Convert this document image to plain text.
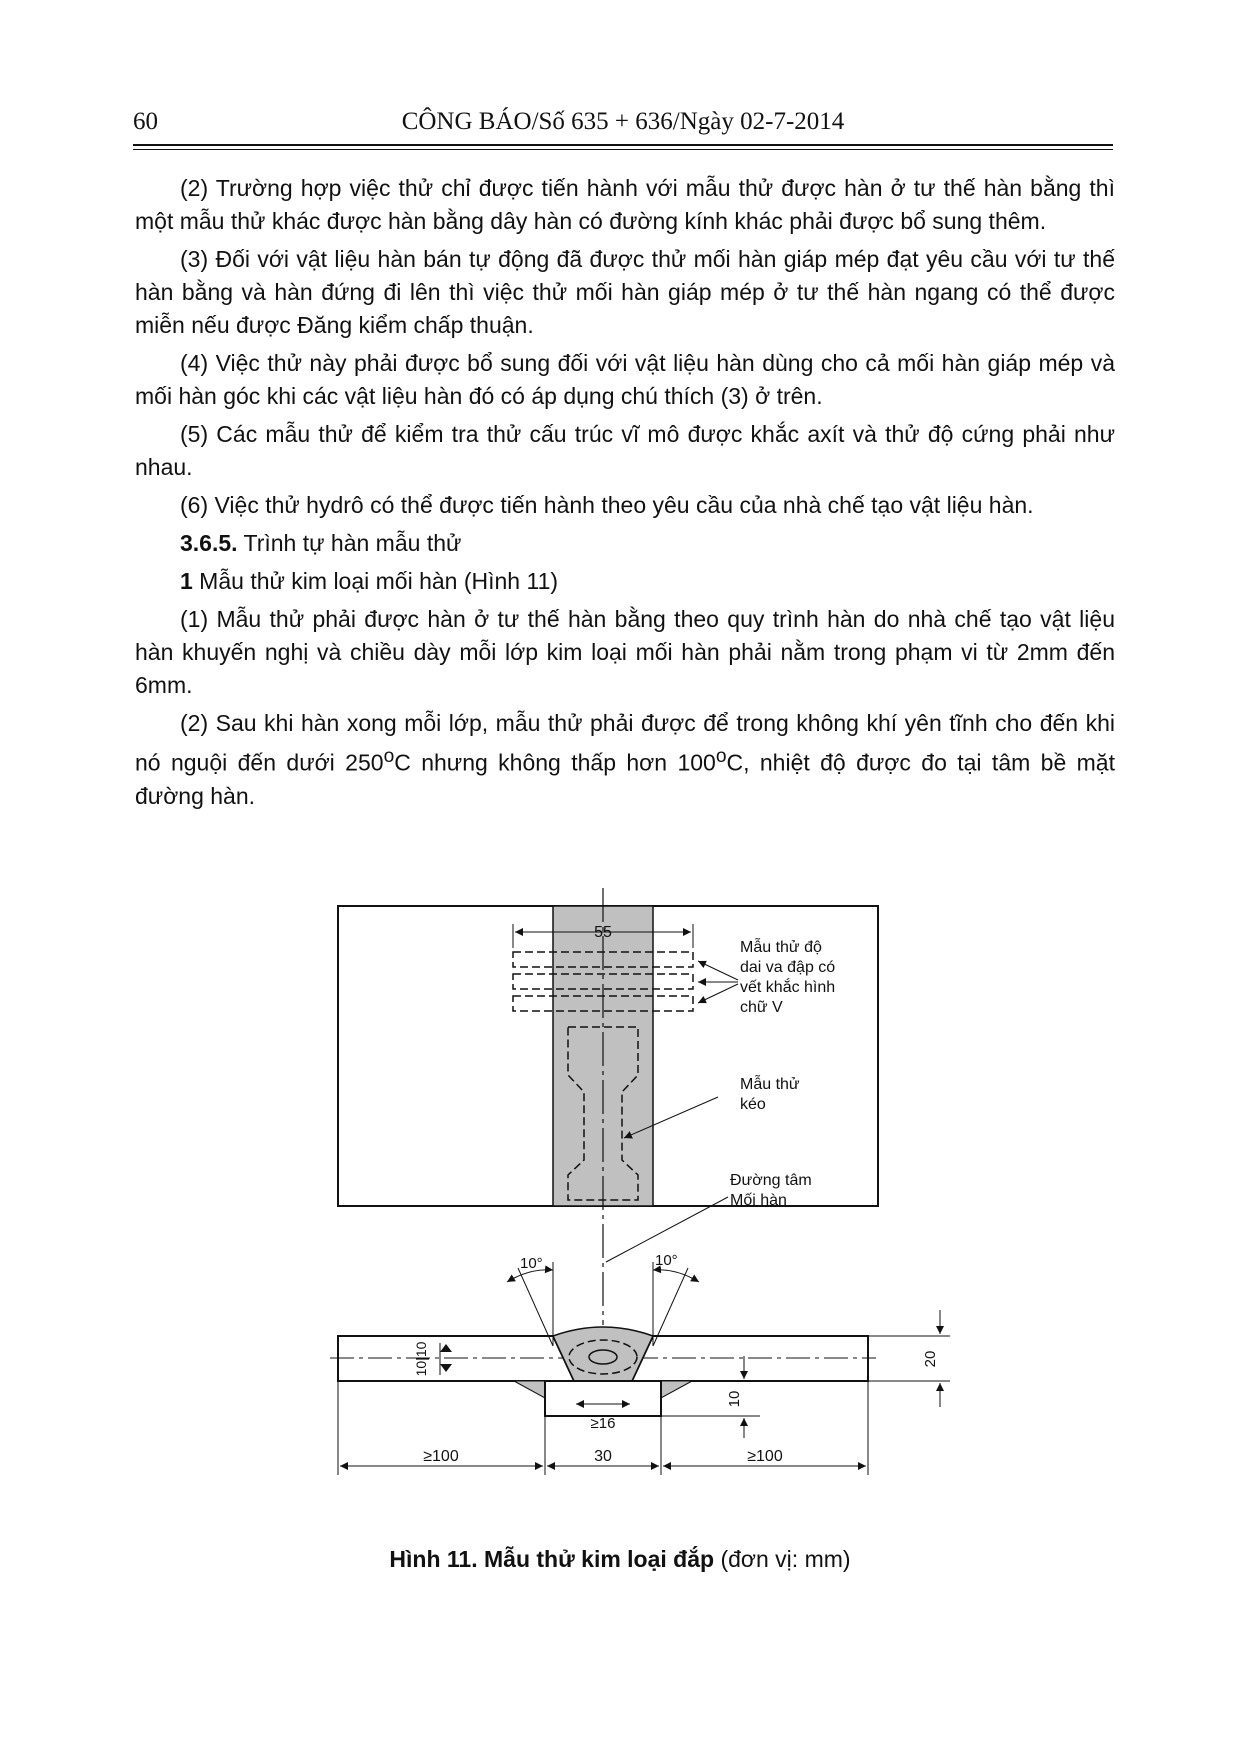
60	CÔNG BÁO/Số 635 + 636/Ngày 02-7-2014

(2) Trường hợp việc thử chỉ được tiến hành với mẫu thử được hàn ở tư thế hàn bằng thì một mẫu thử khác được hàn bằng dây hàn có đường kính khác phải được bổ sung thêm.

(3) Đối với vật liệu hàn bán tự động đã được thử mối hàn giáp mép đạt yêu cầu với tư thế hàn bằng và hàn đứng đi lên thì việc thử mối hàn giáp mép ở tư thế hàn ngang có thể được miễn nếu được Đăng kiểm chấp thuận.

(4) Việc thử này phải được bổ sung đối với vật liệu hàn dùng cho cả mối hàn giáp mép và mối hàn góc khi các vật liệu hàn đó có áp dụng chú thích (3) ở trên.

(5) Các mẫu thử để kiểm tra thử cấu trúc vĩ mô được khắc axít và thử độ cứng phải như nhau.

(6) Việc thử hydrô có thể được tiến hành theo yêu cầu của nhà chế tạo vật liệu hàn.

3.6.5. Trình tự hàn mẫu thử

1 Mẫu thử kim loại mối hàn (Hình 11)

(1) Mẫu thử phải được hàn ở tư thế hàn bằng theo quy trình hàn do nhà chế tạo vật liệu hàn khuyến nghị và chiều dày mỗi lớp kim loại mối hàn phải nằm trong phạm vi từ 2mm đến 6mm.

(2) Sau khi hàn xong mỗi lớp, mẫu thử phải được để trong không khí yên tĩnh cho đến khi nó nguội đến dưới 250$^o$C nhưng không thấp hơn 100$^o$C, nhiệt độ được đo tại tâm bề mặt đường hàn.

55
Mẫu thử độ
dai va đập có
vết khắc hình
chữ V
Mẫu thử
kéo
Đường tâm
Mối hàn
10°	10°
10|10	20
10
≥16
≥100	30	≥100
Hình 11. Mẫu thử kim loại đắp (đơn vị: mm)
